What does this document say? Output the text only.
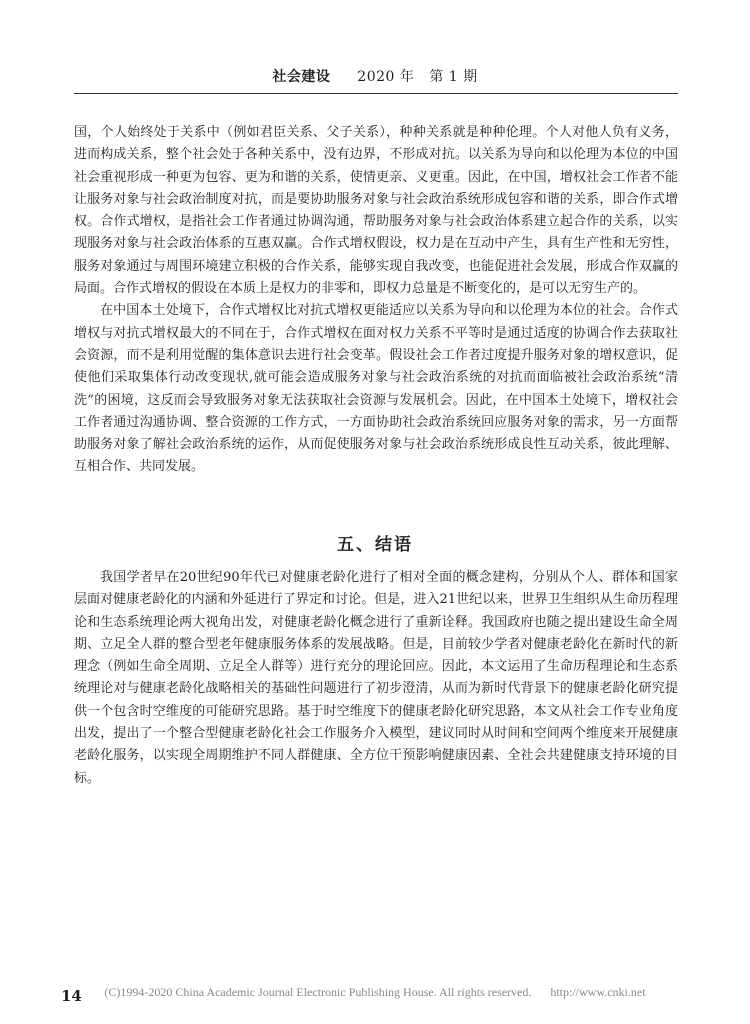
社会建设 2020 年 第 1 期

国，个人始终处于关系中（例如君臣关系、父子关系），种种关系就是种种伦理。个人对他人负有义务，进而构成关系，整个社会处于各种关系中，没有边界，不形成对抗。以关系为导向和以伦理为本位的中国社会重视形成一种更为包容、更为和谐的关系，使情更亲、义更重。因此，在中国，增权社会工作者不能让服务对象与社会政治制度对抗，而是要协助服务对象与社会政治系统形成包容和谐的关系，即合作式增权。合作式增权，是指社会工作者通过协调沟通，帮助服务对象与社会政治体系建立起合作的关系，以实现服务对象与社会政治体系的互惠双赢。合作式增权假设，权力是在互动中产生，具有生产性和无穷性，服务对象通过与周围环境建立积极的合作关系，能够实现自我改变，也能促进社会发展，形成合作双赢的局面。合作式增权的假设在本质上是权力的非零和，即权力总量是不断变化的，是可以无穷生产的。

在中国本土处境下，合作式增权比对抗式增权更能适应以关系为导向和以伦理为本位的社会。合作式增权与对抗式增权最大的不同在于，合作式增权在面对权力关系不平等时是通过适度的协调合作去获取社会资源，而不是利用觉醒的集体意识去进行社会变革。假设社会工作者过度提升服务对象的增权意识，促使他们采取集体行动改变现状,就可能会造成服务对象与社会政治系统的对抗而面临被社会政治系统“清洗”的困境，这反而会导致服务对象无法获取社会资源与发展机会。因此，在中国本土处境下，增权社会工作者通过沟通协调、整合资源的工作方式，一方面协助社会政治系统回应服务对象的需求，另一方面帮助服务对象了解社会政治系统的运作，从而促使服务对象与社会政治系统形成良性互动关系，彼此理解、互相合作、共同发展。

五、结语

我国学者早在20世纪90年代已对健康老龄化进行了相对全面的概念建构，分别从个人、群体和国家层面对健康老龄化的内涵和外延进行了界定和讨论。但是，进入21世纪以来，世界卫生组织从生命历程理论和生态系统理论两大视角出发，对健康老龄化概念进行了重新诠释。我国政府也随之提出建设生命全周期、立足全人群的整合型老年健康服务体系的发展战略。但是，目前较少学者对健康老龄化在新时代的新理念（例如生命全周期、立足全人群等）进行充分的理论回应。因此，本文运用了生命历程理论和生态系统理论对与健康老龄化战略相关的基础性问题进行了初步澄清，从而为新时代背景下的健康老龄化研究提供一个包含时空维度的可能研究思路。基于时空维度下的健康老龄化研究思路，本文从社会工作专业角度出发，提出了一个整合型健康老龄化社会工作服务介入模型，建议同时从时间和空间两个维度来开展健康老龄化服务，以实现全周期维护不同人群健康、全方位干预影响健康因素、全社会共建健康支持环境的目标。

14	(C)1994-2020 China Academic Journal Electronic Publishing House. All rights reserved. http://www.cnki.net
